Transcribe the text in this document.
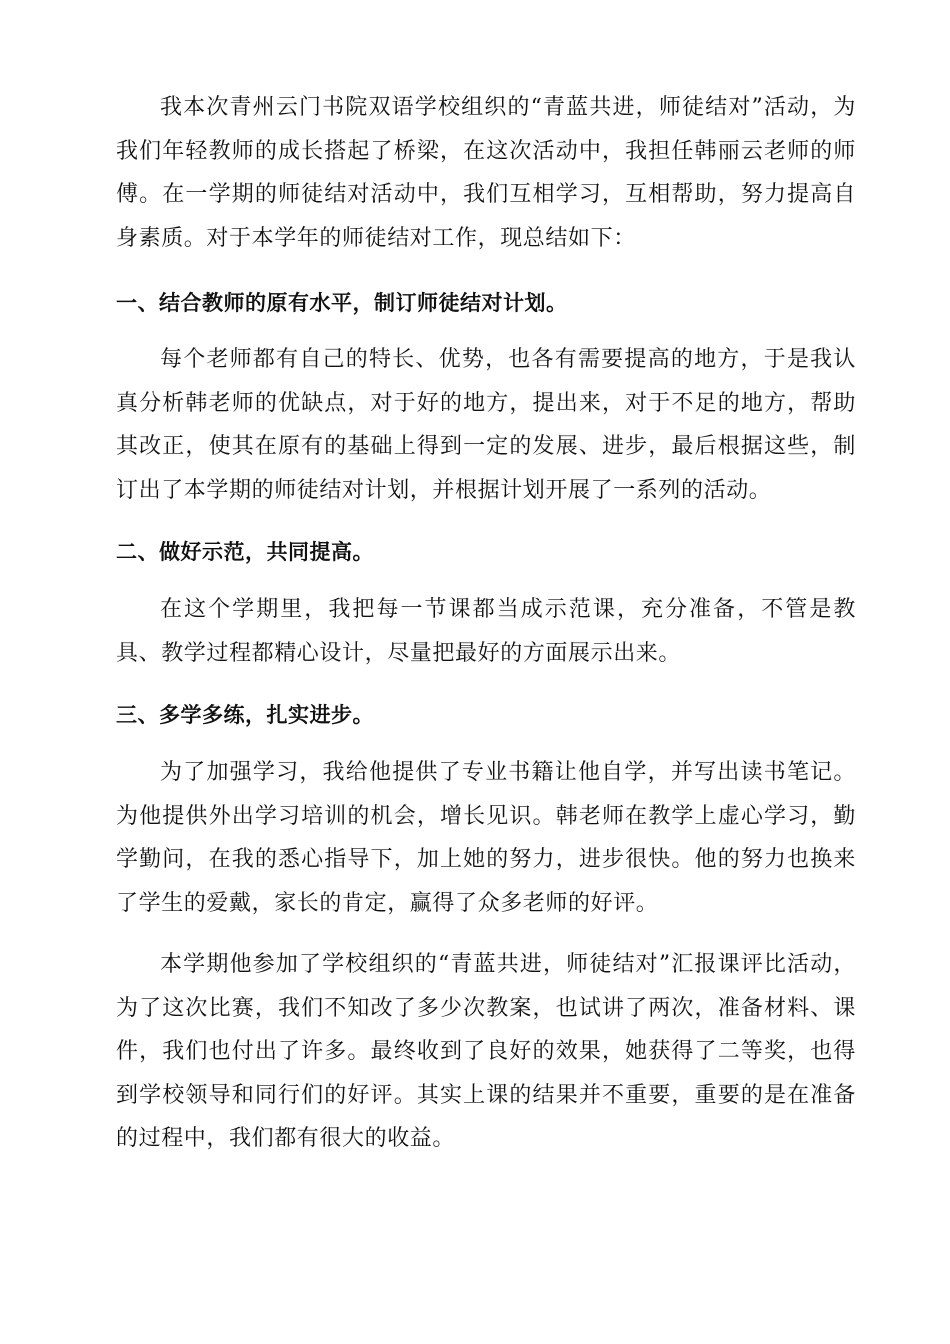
我本次青州云门书院双语学校组织的“青蓝共进，师徒结对”活动，为我们年轻教师的成长搭起了桥梁，在这次活动中，我担任韩丽云老师的师傅。在一学期的师徒结对活动中，我们互相学习，互相帮助，努力提高自身素质。对于本学年的师徒结对工作，现总结如下：

一、结合教师的原有水平，制订师徒结对计划。

每个老师都有自己的特长、优势，也各有需要提高的地方，于是我认真分析韩老师的优缺点，对于好的地方，提出来，对于不足的地方，帮助其改正，使其在原有的基础上得到一定的发展、进步，最后根据这些，制订出了本学期的师徒结对计划，并根据计划开展了一系列的活动。

二、做好示范，共同提高。

在这个学期里，我把每一节课都当成示范课，充分准备，不管是教具、教学过程都精心设计，尽量把最好的方面展示出来。

三、多学多练，扎实进步。

为了加强学习，我给他提供了专业书籍让他自学，并写出读书笔记。为他提供外出学习培训的机会，增长见识。韩老师在教学上虚心学习，勤学勤问，在我的悉心指导下，加上她的努力，进步很快。他的努力也换来了学生的爱戴，家长的肯定，赢得了众多老师的好评。

本学期他参加了学校组织的“青蓝共进，师徒结对”汇报课评比活动，为了这次比赛，我们不知改了多少次教案，也试讲了两次，准备材料、课件，我们也付出了许多。最终收到了良好的效果，她获得了二等奖，也得到学校领导和同行们的好评。其实上课的结果并不重要，重要的是在准备的过程中，我们都有很大的收益。
